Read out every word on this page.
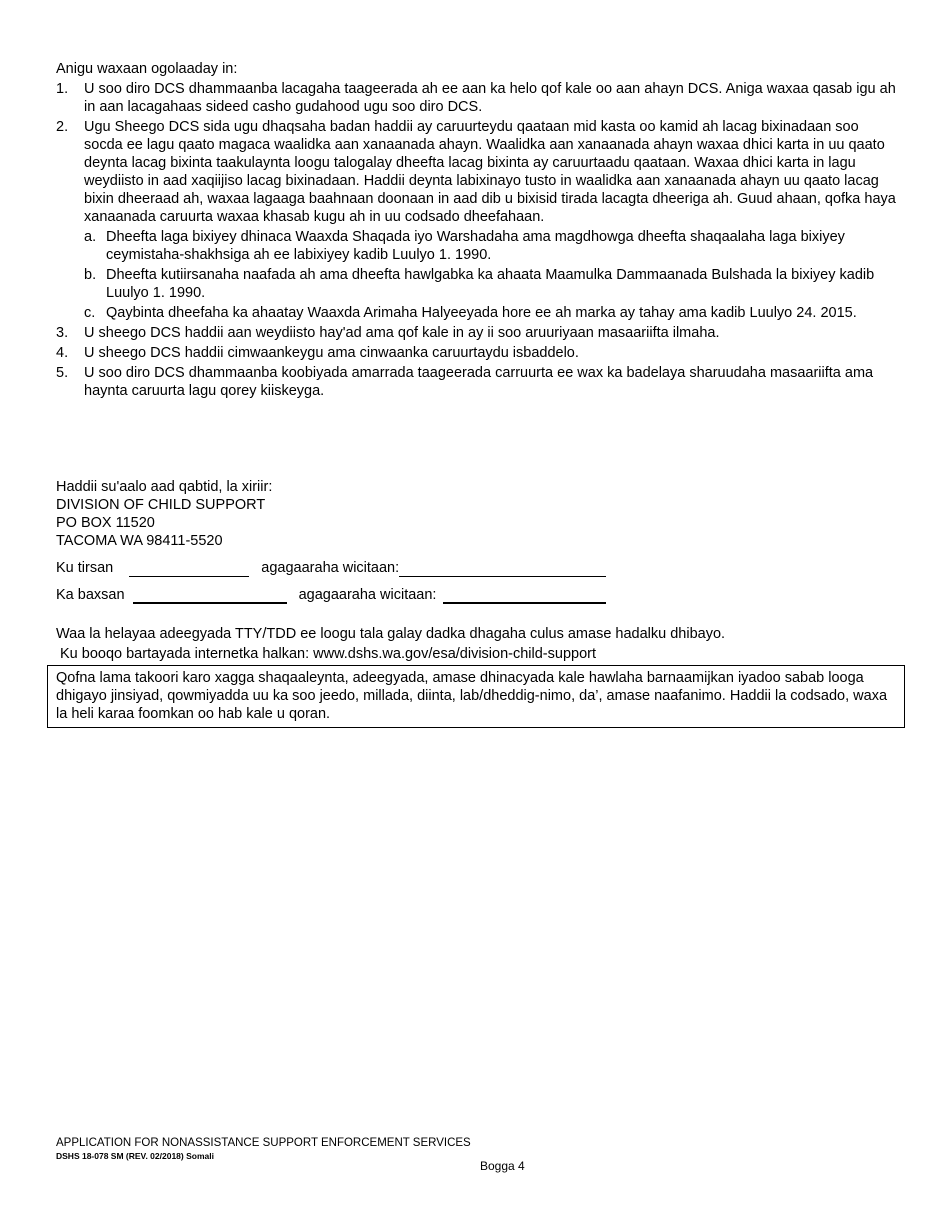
Anigu waxaan ogolaaday in:
1. U soo diro DCS dhammaanba lacagaha taageerada ah ee aan ka helo qof kale oo aan ahayn DCS. Aniga waxaa qasab igu ah in aan lacagahaas sideed casho gudahood ugu soo diro DCS.
2. Ugu Sheego DCS sida ugu dhaqsaha badan haddii ay caruurteydu qaataan mid kasta oo kamid ah lacag bixinadaan soo socda ee lagu qaato magaca waalidka aan xanaanada ahayn. Waalidka aan xanaanada ahayn waxaa dhici karta in uu qaato deynta lacag bixinta taakulaynta loogu talogalay dheefta lacag bixinta ay caruurtaadu qaataan. Waxaa dhici karta in lagu weydiisto in aad xaqiijiso lacag bixinadaan. Haddii deynta labixinayo tusto in waalidka aan xanaanada ahayn uu qaato lacag bixin dheeraad ah, waxaa lagaaga baahnaan doonaan in aad dib u bixisid tirada lacagta dheeriga ah. Guud ahaan, qofka haya xanaanada caruurta waxaa khasab kugu ah in uu codsado dheefahaan.
a. Dheefta laga bixiyey dhinaca Waaxda Shaqada iyo Warshadaha ama magdhowga dheefta shaqaalaha laga bixiyey ceymistaha-shakhsiga ah ee labixiyey kadib Luulyo 1. 1990.
b. Dheefta kutiirsanaha naafada ah ama dheefta hawlgabka ka ahaata Maamulka Dammaanada Bulshada la bixiyey kadib Luulyo 1. 1990.
c. Qaybinta dheefaha ka ahaatay Waaxda Arimaha Halyeeyada hore ee ah marka ay tahay ama kadib Luulyo 24. 2015.
3. U sheego DCS haddii aan weydiisto hay'ad ama qof kale in ay ii soo aruuriyaan masaariifta ilmaha.
4. U sheego DCS haddii cimwaankeygu ama cinwaanka caruurtaydu isbaddelo.
5. U soo diro DCS dhammaanba koobiyada amarrada taageerada carruurta ee wax ka badelaya sharuudaha masaariifta ama haynta caruurta lagu qorey kiiskeyga.
Haddii su'aalo aad qabtid, la xiriir:
DIVISION OF CHILD SUPPORT
PO BOX 11520
TACOMA WA 98411-5520
Ku tirsan	agagaaraha wicitaan:
Ka baxsan	agagaaraha wicitaan:
Waa la helayaa adeegyada TTY/TDD ee loogu tala galay dadka dhagaha culus amase hadalku dhibayo.
Ku booqo bartayada internetka halkan: www.dshs.wa.gov/esa/division-child-support
Qofna lama takoori karo xagga shaqaaleynta, adeegyada, amase dhinacyada kale hawlaha barnaamijkan iyadoo sabab looga dhigayo jinsiyad, qowmiyadda uu ka soo jeedo, millada, diinta, lab/dheddig-nimo, da’, amase naafanimo. Haddii la codsado, waxa la heli karaa foomkan oo hab kale u qoran.
APPLICATION FOR NONASSISTANCE SUPPORT ENFORCEMENT SERVICES
DSHS 18-078 SM (REV. 02/2018) Somali
Bogga 4
